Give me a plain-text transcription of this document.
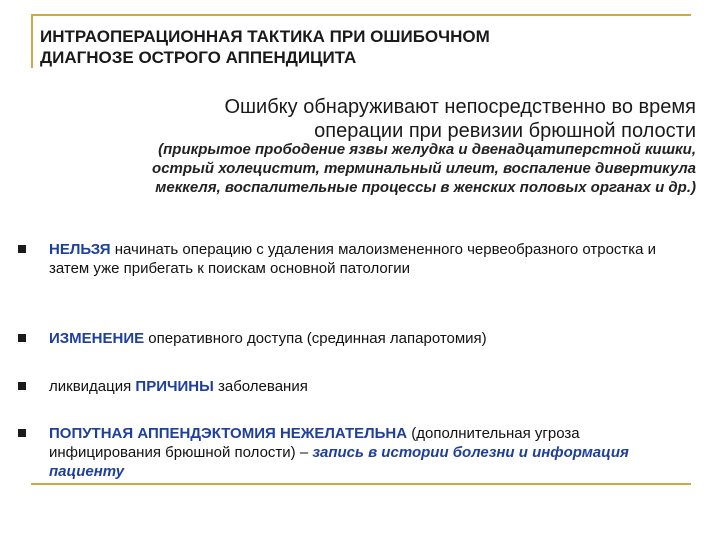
ИНТРАОПЕРАЦИОННАЯ ТАКТИКА ПРИ ОШИБОЧНОМ
ДИАГНОЗЕ ОСТРОГО АППЕНДИЦИТА
Ошибку обнаруживают непосредственно во время операции при ревизии брюшной полости
(прикрытое прободение язвы желудка и двенадцатиперстной кишки, острый холецистит, терминальный илеит, воспаление дивертикула меккеля, воспалительные процессы в женских половых органах и др.)
НЕЛЬЗЯ начинать операцию с удаления малоизмененного червеобразного отростка и затем уже прибегать к поискам основной патологии
ИЗМЕНЕНИЕ оперативного доступа (срединная лапаротомия)
ликвидация ПРИЧИНЫ заболевания
ПОПУТНАЯ АППЕНДЭКТОМИЯ НЕЖЕЛАТЕЛЬНА (дополнительная угроза инфицирования брюшной полости) – запись в истории болезни и информация пациенту
